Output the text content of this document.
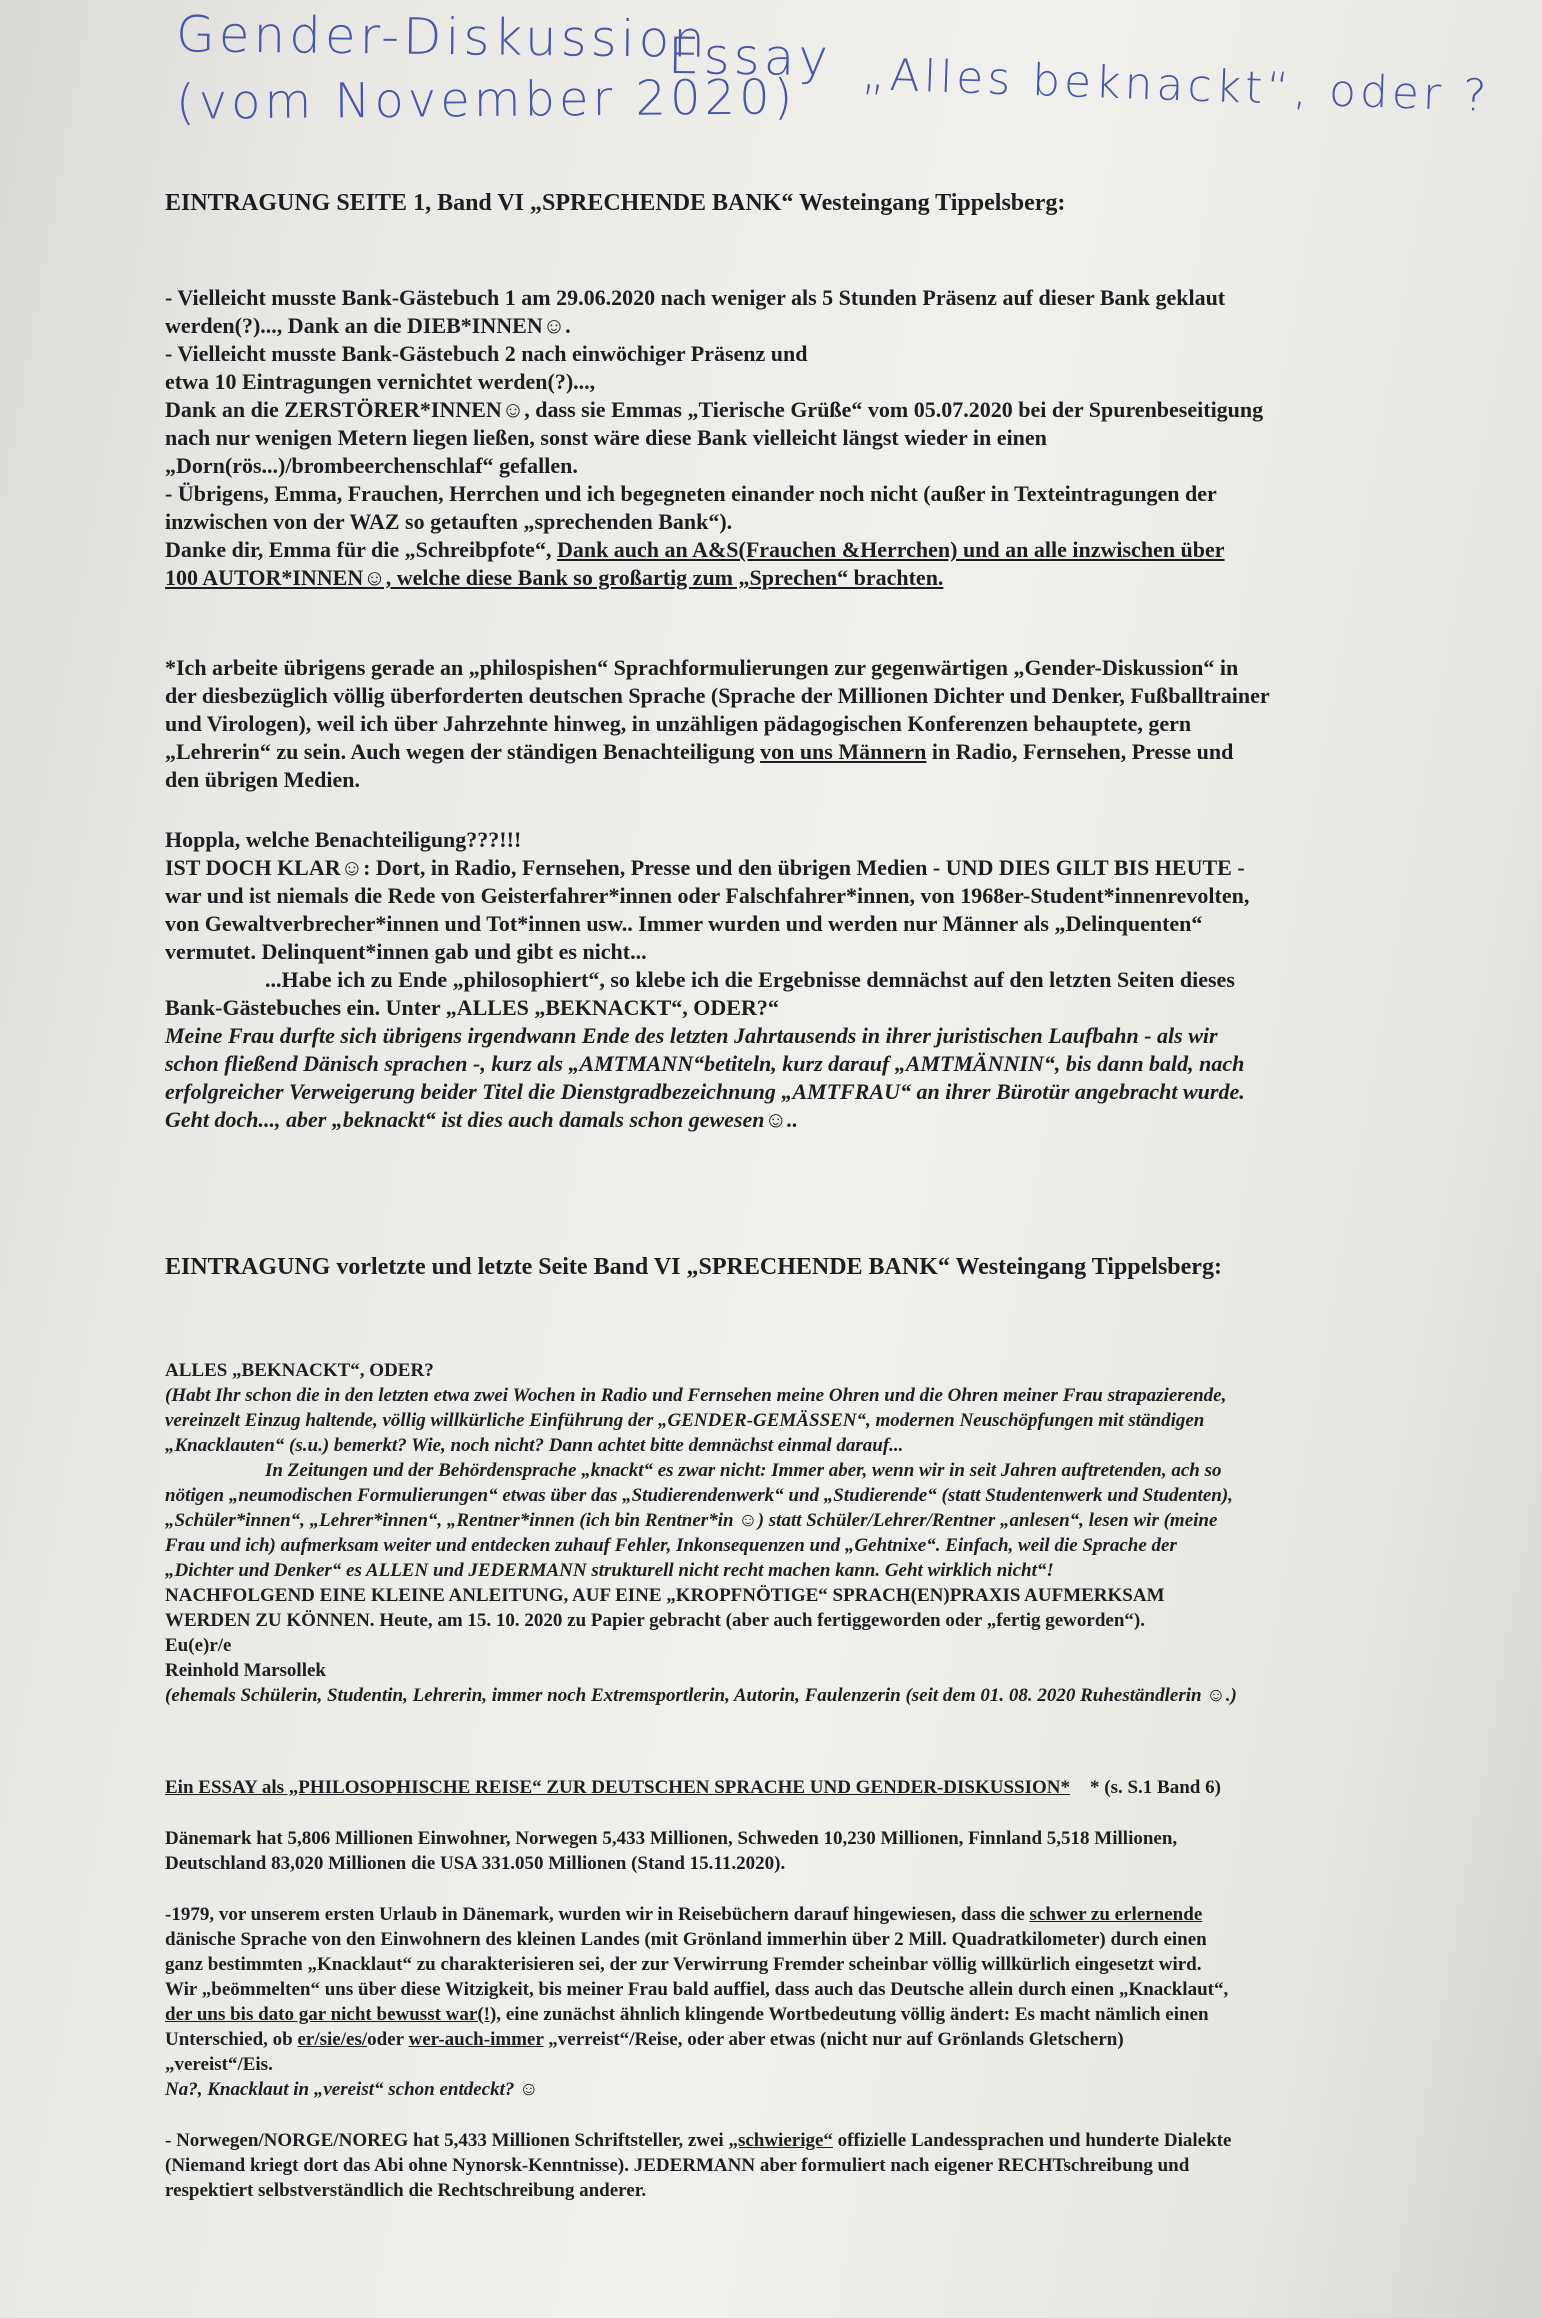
Gender-Diskussion
(vom November 2020)
Essay „Alles beknackt“, oder ?
EINTRAGUNG SEITE 1, Band VI „SPRECHENDE BANK“ Westeingang Tippelsberg:
- Vielleicht musste Bank-Gästebuch 1 am 29.06.2020 nach weniger als 5 Stunden Präsenz auf dieser Bank geklaut
werden(?)..., Dank an die DIEB*INNEN☺.
- Vielleicht musste Bank-Gästebuch 2 nach einwöchiger Präsenz und
etwa 10 Eintragungen vernichtet werden(?)...,
Dank an die ZERSTÖRER*INNEN☺, dass sie Emmas „Tierische Grüße“ vom 05.07.2020 bei der Spurenbeseitigung
nach nur wenigen Metern liegen ließen, sonst wäre diese Bank vielleicht längst wieder in einen
„Dorn(rös...)/brombeerchenschlaf“ gefallen.
- Übrigens, Emma, Frauchen, Herrchen und ich begegneten einander noch nicht (außer in Texteintragungen der
inzwischen von der WAZ so getauften „sprechenden Bank“).
Danke dir, Emma für die „Schreibpfote“, Dank auch an A&S(Frauchen &Herrchen) und an alle inzwischen über
100 AUTOR*INNEN☺, welche diese Bank so großartig zum „Sprechen“ brachten.
*Ich arbeite übrigens gerade an „philospishen“ Sprachformulierungen zur gegenwärtigen „Gender-Diskussion“ in
der diesbezüglich völlig überforderten deutschen Sprache (Sprache der Millionen Dichter und Denker, Fußballtrainer
und Virologen), weil ich über Jahrzehnte hinweg, in unzähligen pädagogischen Konferenzen behauptete, gern
„Lehrerin“ zu sein. Auch wegen der ständigen Benachteiligung von uns Männern in Radio, Fernsehen, Presse und
den übrigen Medien.
Hoppla, welche Benachteiligung???!!!
IST DOCH KLAR☺: Dort, in Radio, Fernsehen, Presse und den übrigen Medien - UND DIES GILT BIS HEUTE -
war und ist niemals die Rede von Geisterfahrer*innen oder Falschfahrer*innen, von 1968er-Student*innenrevolten,
von Gewaltverbrecher*innen und Tot*innen usw.. Immer wurden und werden nur Männer als „Delinquenten“
vermutet. Delinquent*innen gab und gibt es nicht...
...Habe ich zu Ende „philosophiert“, so klebe ich die Ergebnisse demnächst auf den letzten Seiten dieses
Bank-Gästebuches ein. Unter „ALLES „BEKNACKT“, ODER?“
Meine Frau durfte sich übrigens irgendwann Ende des letzten Jahrtausends in ihrer juristischen Laufbahn - als wir
schon fließend Dänisch sprachen -, kurz als „AMTMANN“betiteln, kurz darauf „AMTMÄNNIN“, bis dann bald, nach
erfolgreicher Verweigerung beider Titel die Dienstgradbezeichnung „AMTFRAU“ an ihrer Bürotür angebracht wurde.
Geht doch..., aber „beknackt“ ist dies auch damals schon gewesen☺..
EINTRAGUNG vorletzte und letzte Seite Band VI „SPRECHENDE BANK“ Westeingang Tippelsberg:
ALLES „BEKNACKT“, ODER?
(Habt Ihr schon die in den letzten etwa zwei Wochen in Radio und Fernsehen meine Ohren und die Ohren meiner Frau strapazierende,
vereinzelt Einzug haltende, völlig willkürliche Einführung der „GENDER-GEMÄSSEN“, modernen Neuschöpfungen mit ständigen
„Knacklauten“ (s.u.) bemerkt? Wie, noch nicht? Dann achtet bitte demnächst einmal darauf...
In Zeitungen und der Behördensprache „knackt“ es zwar nicht: Immer aber, wenn wir in seit Jahren auftretenden, ach so
nötigen „neumodischen Formulierungen“ etwas über das „Studierendenwerk“ und „Studierende“ (statt Studentenwerk und Studenten),
„Schüler*innen“, „Lehrer*innen“, „Rentner*innen (ich bin Rentner*in ☺) statt Schüler/Lehrer/Rentner „anlesen“, lesen wir (meine
Frau und ich) aufmerksam weiter und entdecken zuhauf Fehler, Inkonsequenzen und „Gehtnixe“. Einfach, weil die Sprache der
„Dichter und Denker“ es ALLEN und JEDERMANN strukturell nicht recht machen kann. Geht wirklich nicht“!
NACHFOLGEND EINE KLEINE ANLEITUNG, AUF EINE „KROPFNÖTIGE“ SPRACH(EN)PRAXIS AUFMERKSAM
WERDEN ZU KÖNNEN. Heute, am 15. 10. 2020 zu Papier gebracht (aber auch fertiggeworden oder „fertig geworden“).
Eu(e)r/e
Reinhold Marsollek
(ehemals Schülerin, Studentin, Lehrerin, immer noch Extremsportlerin, Autorin, Faulenzerin (seit dem 01. 08. 2020 Ruheständlerin ☺.)
Ein ESSAY als „PHILOSOPHISCHE REISE“ ZUR DEUTSCHEN SPRACHE UND GENDER-DISKUSSION* * (s. S.1 Band 6)
Dänemark hat 5,806 Millionen Einwohner, Norwegen 5,433 Millionen, Schweden 10,230 Millionen, Finnland 5,518 Millionen,
Deutschland 83,020 Millionen die USA 331.050 Millionen (Stand 15.11.2020).
-1979, vor unserem ersten Urlaub in Dänemark, wurden wir in Reisebüchern darauf hingewiesen, dass die schwer zu erlernende
dänische Sprache von den Einwohnern des kleinen Landes (mit Grönland immerhin über 2 Mill. Quadratkilometer) durch einen
ganz bestimmten „Knacklaut“ zu charakterisieren sei, der zur Verwirrung Fremder scheinbar völlig willkürlich eingesetzt wird.
Wir „beömmelten“ uns über diese Witzigkeit, bis meiner Frau bald auffiel, dass auch das Deutsche allein durch einen „Knacklaut“,
der uns bis dato gar nicht bewusst war(!), eine zunächst ähnlich klingende Wortbedeutung völlig ändert: Es macht nämlich einen
Unterschied, ob er/sie/es/oder wer-auch-immer „verreist“/Reise, oder aber etwas (nicht nur auf Grönlands Gletschern)
„vereist“/Eis.
Na?, Knacklaut in „vereist“ schon entdeckt? ☺
- Norwegen/NORGE/NOREG hat 5,433 Millionen Schriftsteller, zwei „schwierige“ offizielle Landessprachen und hunderte Dialekte
(Niemand kriegt dort das Abi ohne Nynorsk-Kenntnisse). JEDERMANN aber formuliert nach eigener RECHTschreibung und
respektiert selbstverständlich die Rechtschreibung anderer.
